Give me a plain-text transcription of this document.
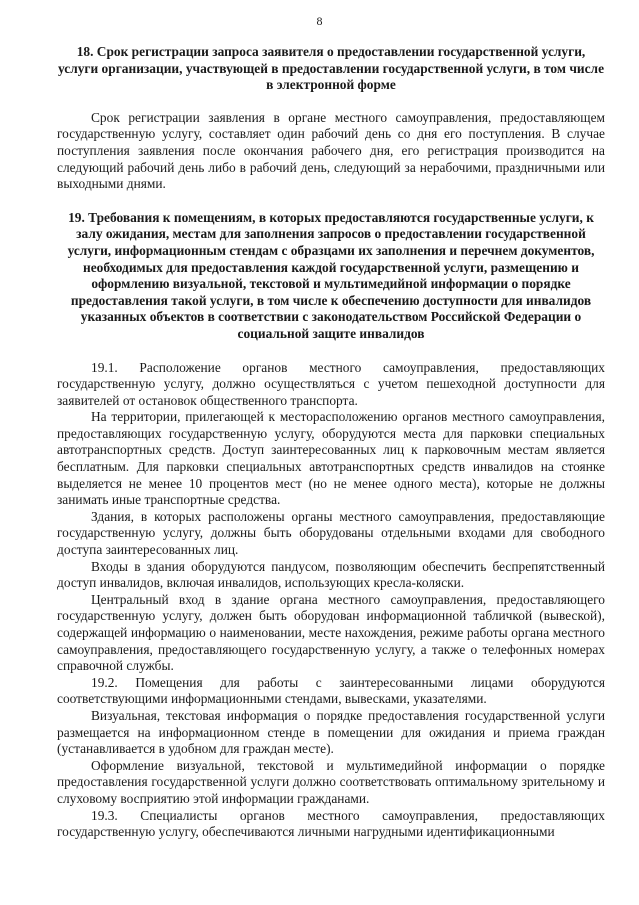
8
18. Срок регистрации запроса заявителя о предоставлении государственной услуги, услуги организации, участвующей в предоставлении государственной услуги, в том числе в электронной форме

Срок регистрации заявления в органе местного самоуправления, предоставляющем государственную услугу, составляет один рабочий день со дня его поступления. В случае поступления заявления после окончания рабочего дня, его регистрация производится на следующий рабочий день либо в рабочий день, следующий за нерабочими, праздничными или выходными днями.

19. Требования к помещениям, в которых предоставляются государственные услуги, к залу ожидания, местам для заполнения запросов о предоставлении государственной услуги, информационным стендам с образцами их заполнения и перечнем документов, необходимых для предоставления каждой государственной услуги, размещению и оформлению визуальной, текстовой и мультимедийной информации о порядке предоставления такой услуги, в том числе к обеспечению доступности для инвалидов указанных объектов в соответствии с законодательством Российской Федерации о социальной защите инвалидов

19.1. Расположение органов местного самоуправления, предоставляющих государственную услугу, должно осуществляться с учетом пешеходной доступности для заявителей от остановок общественного транспорта.

На территории, прилегающей к месторасположению органов местного самоуправления, предоставляющих государственную услугу, оборудуются места для парковки специальных автотранспортных средств. Доступ заинтересованных лиц к парковочным местам является бесплатным. Для парковки специальных автотранспортных средств инвалидов на стоянке выделяется не менее 10 процентов мест (но не менее одного места), которые не должны занимать иные транспортные средства.

Здания, в которых расположены органы местного самоуправления, предоставляющие государственную услугу, должны быть оборудованы отдельными входами для свободного доступа заинтересованных лиц.

Входы в здания оборудуются пандусом, позволяющим обеспечить беспрепятственный доступ инвалидов, включая инвалидов, использующих кресла-коляски.

Центральный вход в здание органа местного самоуправления, предоставляющего государственную услугу, должен быть оборудован информационной табличкой (вывеской), содержащей информацию о наименовании, месте нахождения, режиме работы органа местного самоуправления, предоставляющего государственную услугу, а также о телефонных номерах справочной службы.

19.2. Помещения для работы с заинтересованными лицами оборудуются соответствующими информационными стендами, вывесками, указателями.

Визуальная, текстовая информация о порядке предоставления государственной услуги размещается на информационном стенде в помещении для ожидания и приема граждан (устанавливается в удобном для граждан месте).

Оформление визуальной, текстовой и мультимедийной информации о порядке предоставления государственной услуги должно соответствовать оптимальному зрительному и слуховому восприятию этой информации гражданами.

19.3. Специалисты органов местного самоуправления, предоставляющих государственную услугу, обеспечиваются личными нагрудными идентификационными
